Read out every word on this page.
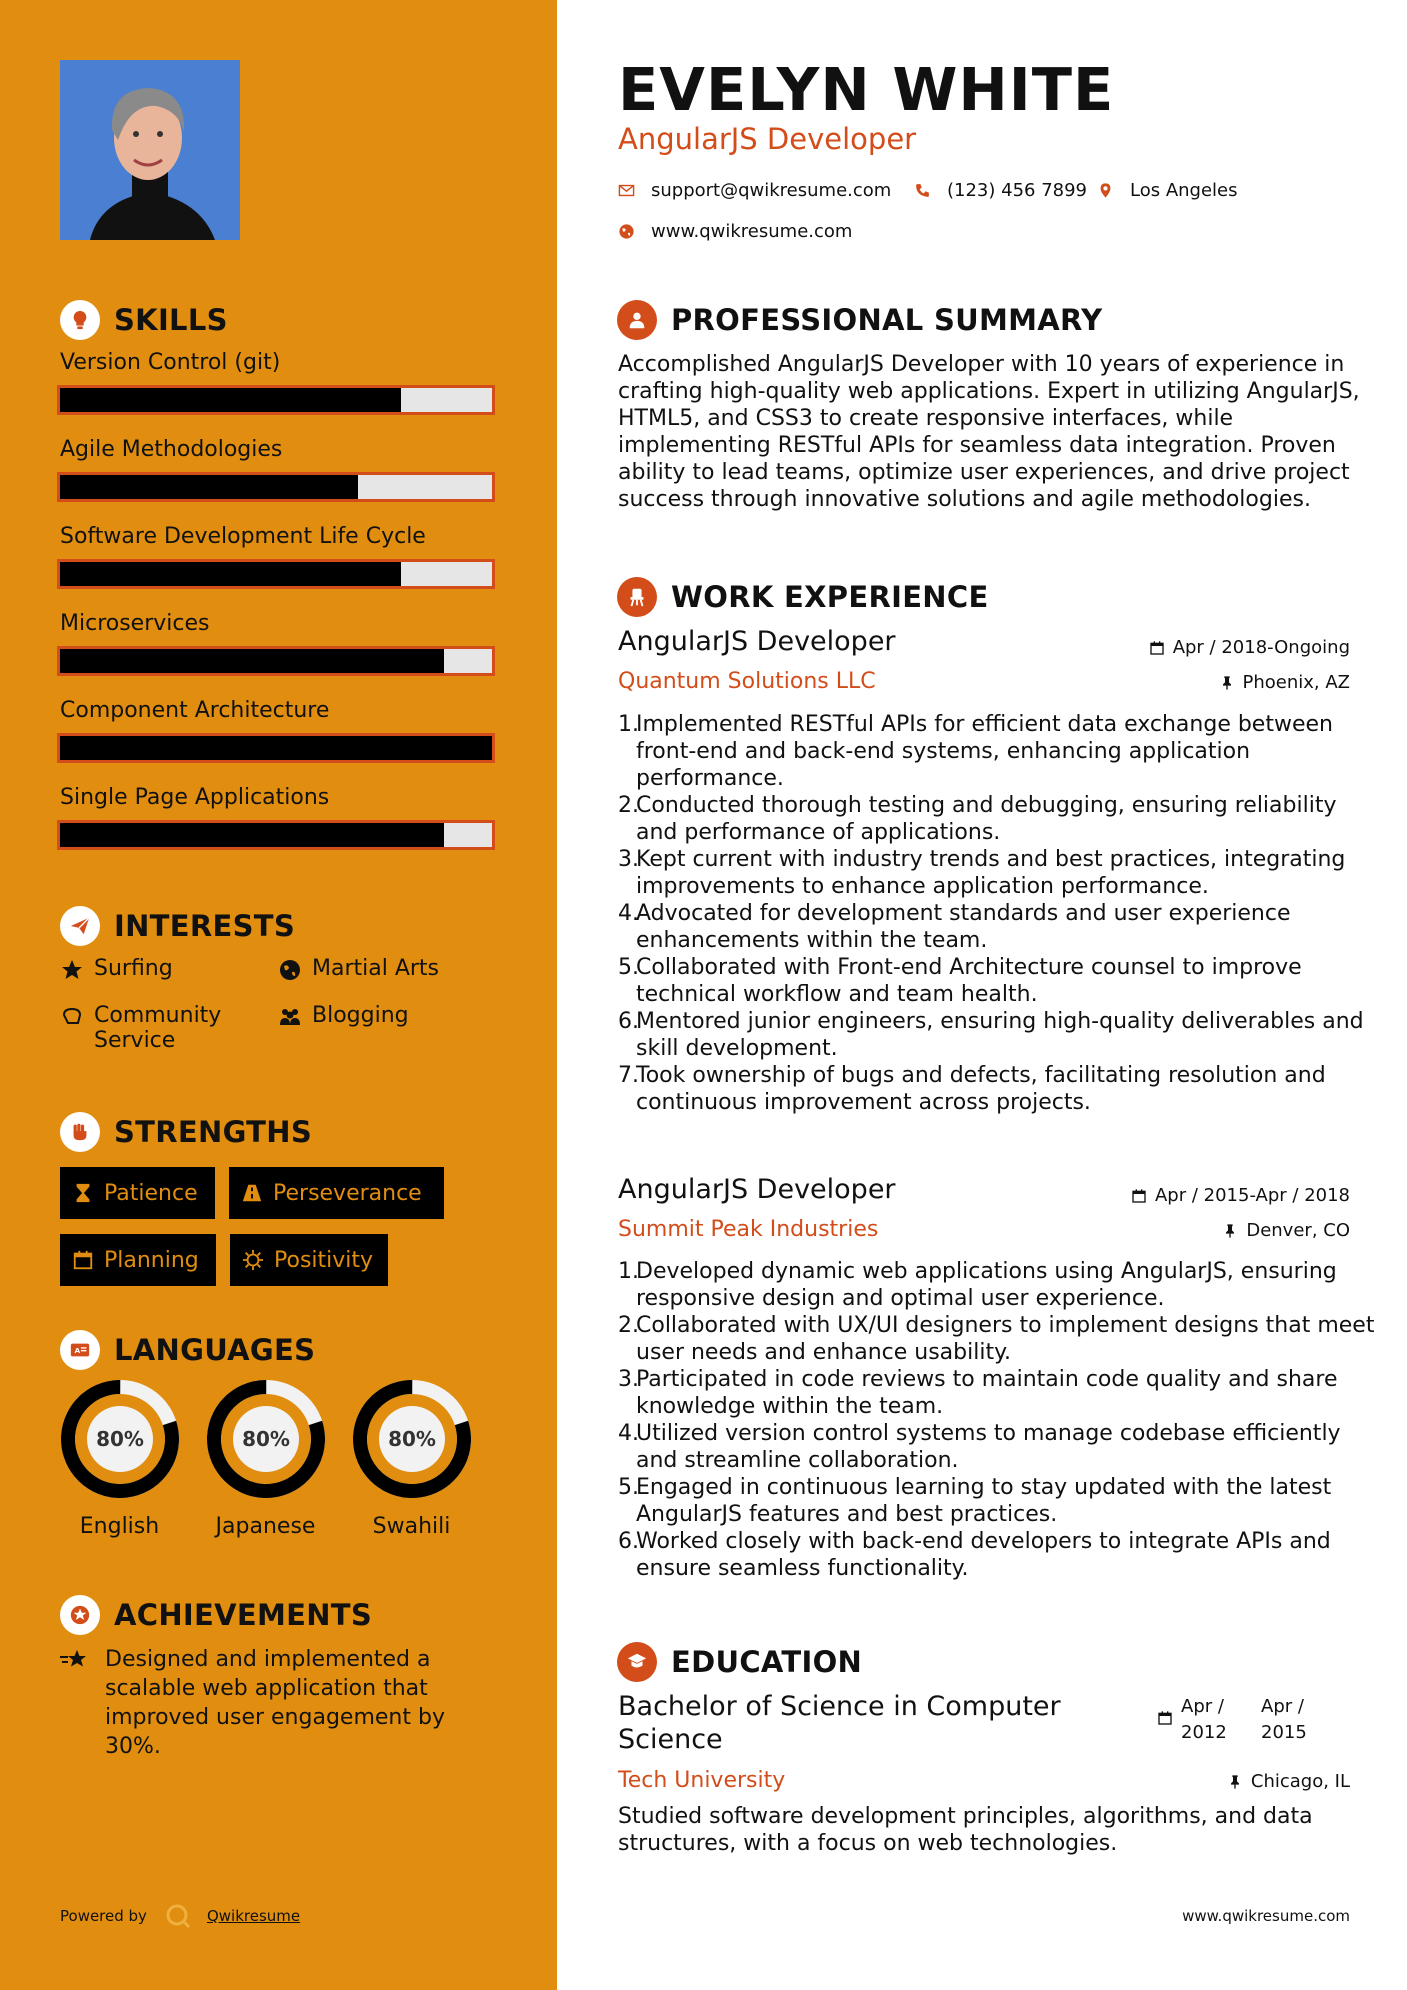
SKILLS
INTERESTS
Surfing	Martial Arts
Community Service
Blogging
STRENGTHS
Patience	Perseverance
Planning	Positivity
A LANGUAGES
80%
English
80%
Japanese
80%
Swahili
ACHIEVEMENTS
Designed and implemented a scalable web application that improved user engagement by 30%.
Powered by	Qwikresume
Version Control (git)
Agile Methodologies
Software Development Life Cycle
Microservices
Component Architecture
Single Page Applications
EVELYN WHITE
AngularJS Developer
support@qwikresume.com	(123) 456 7899 Los Angeles
www.qwikresume.com
PROFESSIONAL SUMMARY
Accomplished AngularJS Developer with 10 years of experience in crafting high-quality web applications. Expert in utilizing AngularJS, HTML5, and CSS3 to create responsive interfaces, while implementing RESTful APIs for seamless data integration. Proven ability to lead teams, optimize user experiences, and drive project success through innovative solutions and agile methodologies.
WORK EXPERIENCE
AngularJS Developer	Apr / 2018-Ongoing
Quantum Solutions LLC	Phoenix, AZ
1.
Implemented RESTful APIs for efficient data exchange between front-end and back-end systems, enhancing application performance.
2.
Conducted thorough testing and debugging, ensuring reliability and performance of applications.
3.
Kept current with industry trends and best practices, integrating improvements to enhance application performance.
4.
Advocated for development standards and user experience enhancements within the team.
5.
Collaborated with Front-end Architecture counsel to improve technical workflow and team health.
6.
Mentored junior engineers, ensuring high-quality deliverables and skill development.
7.
Took ownership of bugs and defects, facilitating resolution and continuous improvement across projects.
AngularJS Developer	Apr / 2015-Apr / 2018
Summit Peak Industries	Denver, CO
1.
Developed dynamic web applications using AngularJS, ensuring responsive design and optimal user experience.
2.
Collaborated with UX/UI designers to implement designs that meet user needs and enhance usability.
3.
Participated in code reviews to maintain code quality and share knowledge within the team.
4.
Utilized version control systems to manage codebase efficiently and streamline collaboration.
5.
Engaged in continuous learning to stay updated with the latest AngularJS features and best practices.
6.
Worked closely with back-end developers to integrate APIs and ensure seamless functionality.
EDUCATION
Bachelor of Science in Computer Science
Apr / 2012
Apr / 2015
Tech University	Chicago, IL
Studied software development principles, algorithms, and data structures, with a focus on web technologies.
www.qwikresume.com
